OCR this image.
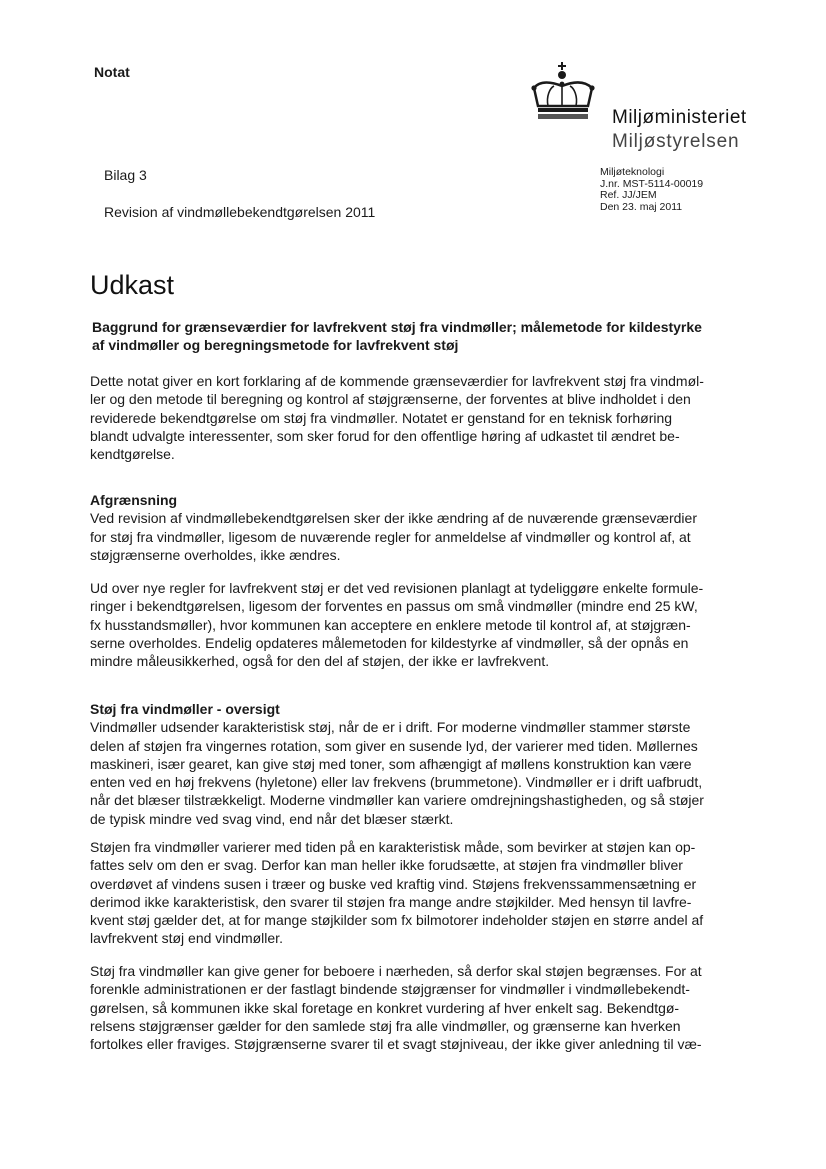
Notat
Miljøministeriet
Miljøstyrelsen
Bilag 3
Revision af vindmøllebekendtgørelsen 2011
Miljøteknologi
J.nr. MST-5114-00019
Ref. JJ/JEM
Den 23. maj 2011
Udkast
Baggrund for grænseværdier for lavfrekvent støj fra vindmøller; målemetode for kildestyrke
af vindmøller og beregningsmetode for lavfrekvent støj
Dette notat giver en kort forklaring af de kommende grænseværdier for lavfrekvent støj fra vindmøl-
ler og den metode til beregning og kontrol af støjgrænserne, der forventes at blive indholdet i den
reviderede bekendtgørelse om støj fra vindmøller. Notatet er genstand for en teknisk forhøring
blandt udvalgte interessenter, som sker forud for den offentlige høring af udkastet til ændret be-
kendtgørelse.
Afgrænsning
Ved revision af vindmøllebekendtgørelsen sker der ikke ændring af de nuværende grænseværdier
for støj fra vindmøller, ligesom de nuværende regler for anmeldelse af vindmøller og kontrol af, at
støjgrænserne overholdes, ikke ændres.
Ud over nye regler for lavfrekvent støj er det ved revisionen planlagt at tydeliggøre enkelte formule-
ringer i bekendtgørelsen, ligesom der forventes en passus om små vindmøller (mindre end 25 kW,
fx husstandsmøller), hvor kommunen kan acceptere en enklere metode til kontrol af, at støjgræn-
serne overholdes. Endelig opdateres målemetoden for kildestyrke af vindmøller, så der opnås en
mindre måleusikkerhed, også for den del af støjen, der ikke er lavfrekvent.
Støj fra vindmøller - oversigt
Vindmøller udsender karakteristisk støj, når de er i drift. For moderne vindmøller stammer største
delen af støjen fra vingernes rotation, som giver en susende lyd, der varierer med tiden. Møllernes
maskineri, især gearet, kan give støj med toner, som afhængigt af møllens konstruktion kan være
enten ved en høj frekvens (hyletone) eller lav frekvens (brummetone). Vindmøller er i drift uafbrudt,
når det blæser tilstrækkeligt. Moderne vindmøller kan variere omdrejningshastigheden, og så støjer
de typisk mindre ved svag vind, end når det blæser stærkt.
Støjen fra vindmøller varierer med tiden på en karakteristisk måde, som bevirker at støjen kan op-
fattes selv om den er svag. Derfor kan man heller ikke forudsætte, at støjen fra vindmøller bliver
overdøvet af vindens susen i træer og buske ved kraftig vind. Støjens frekvenssammensætning er
derimod ikke karakteristisk, den svarer til støjen fra mange andre støjkilder. Med hensyn til lavfre-
kvent støj gælder det, at for mange støjkilder som fx bilmotorer indeholder støjen en større andel af
lavfrekvent støj end vindmøller.
Støj fra vindmøller kan give gener for beboere i nærheden, så derfor skal støjen begrænses. For at
forenkle administrationen er der fastlagt bindende støjgrænser for vindmøller i vindmøllebekendt-
gørelsen, så kommunen ikke skal foretage en konkret vurdering af hver enkelt sag. Bekendtgø-
relsens støjgrænser gælder for den samlede støj fra alle vindmøller, og grænserne kan hverken
fortolkes eller fraviges. Støjgrænserne svarer til et svagt støjniveau, der ikke giver anledning til væ-
